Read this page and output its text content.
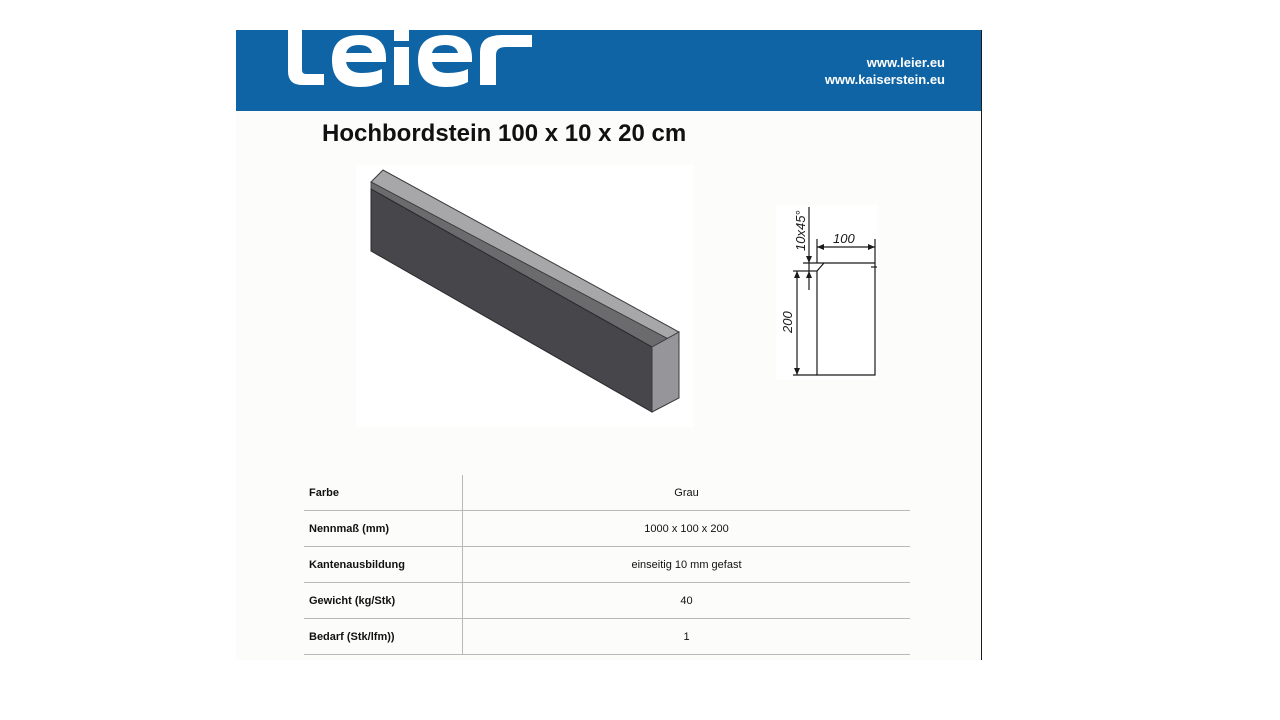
www.leier.eu
www.kaiserstein.eu
Hochbordstein 100 x 10 x 20 cm
100
10x45°
200
Farbe	Grau
Nennmaß (mm)	1000 x 100 x 200
Kantenausbildung	einseitig 10 mm gefast
Gewicht (kg/Stk)	40
Bedarf (Stk/lfm))	1
